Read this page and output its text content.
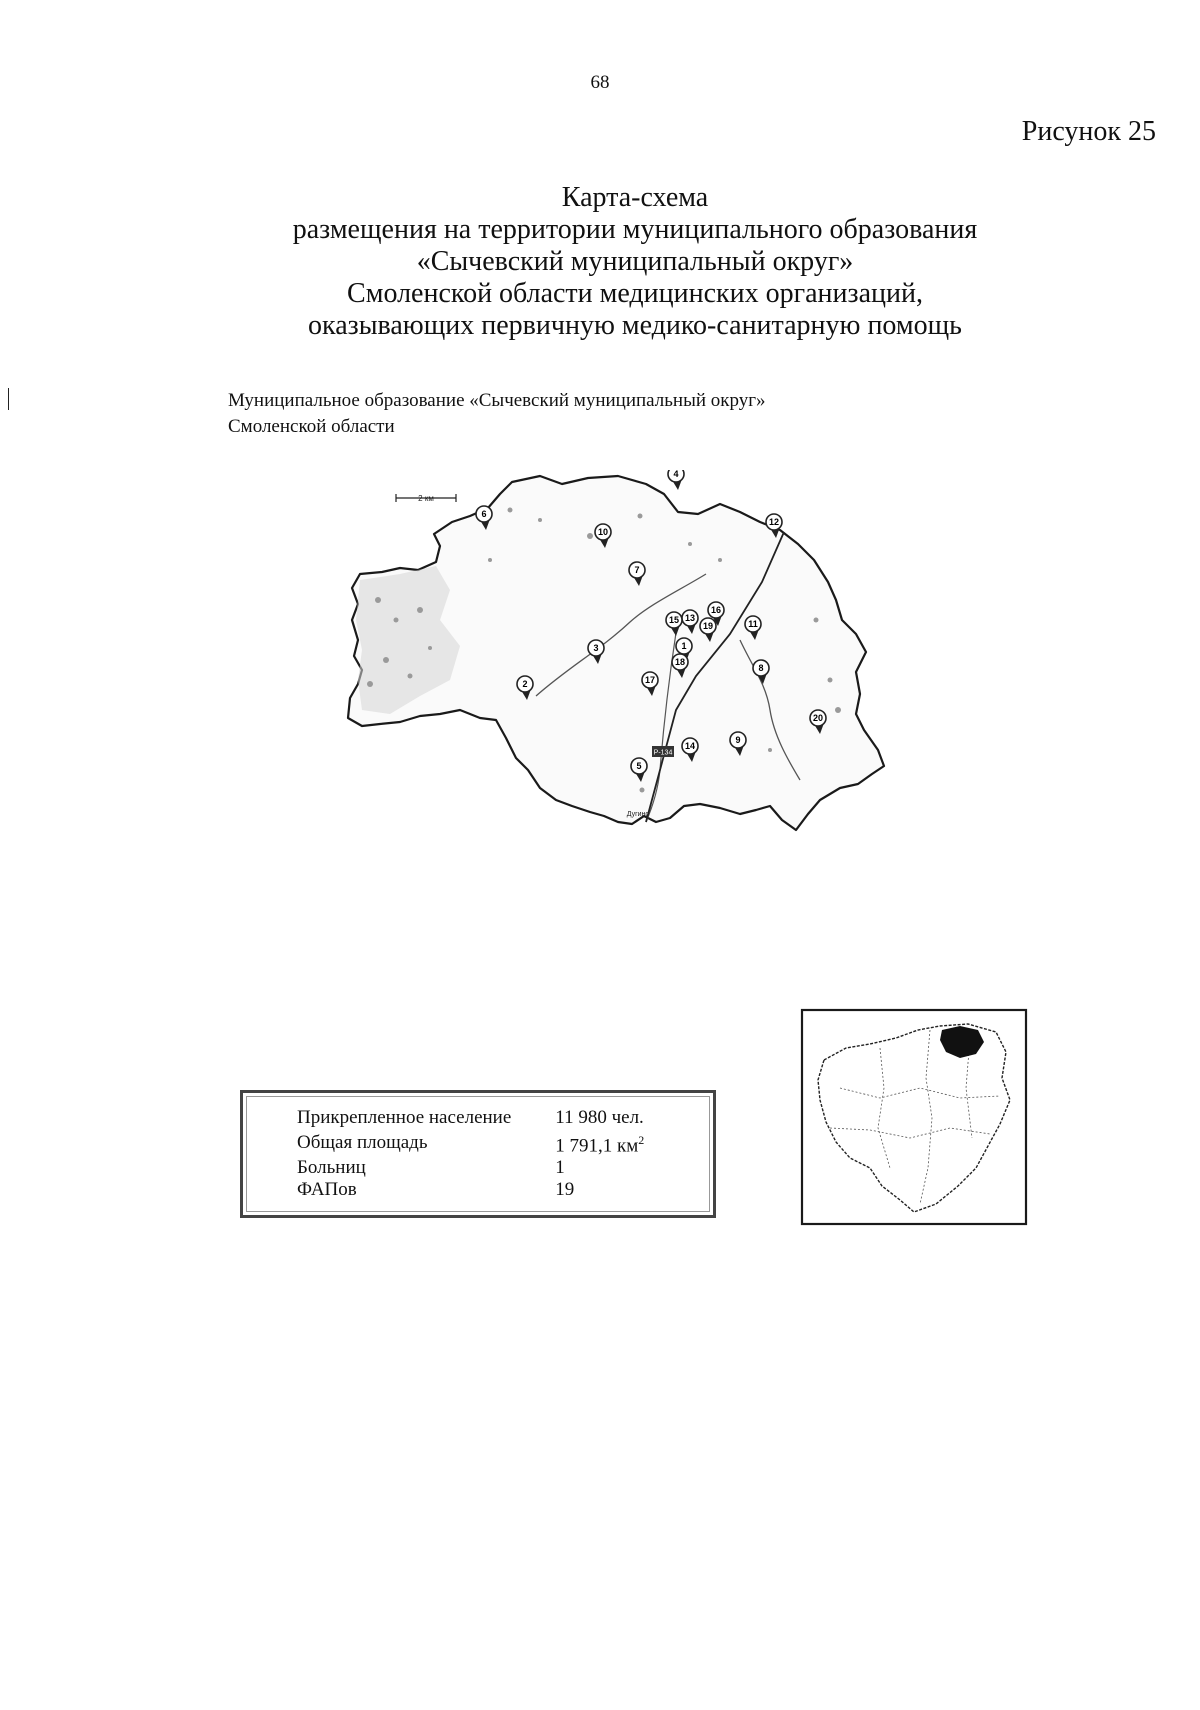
68
Рисунок 25
Карта-схема
размещения на территории муниципального образования
«Сычевский муниципальный округ»
Смоленской области медицинских организаций,
оказывающих первичную медико-санитарную помощь
Муниципальное образование «Сычевский муниципальный округ»
Смоленской области
2 км
Р-134
Дугино
1
2
3
4
5
6
7
8
9
10
11
12
13
14
15
16
17
18
19
20
Прикрепленное население	11 980 чел.
Общая площадь	1 791,1 $км^2$
Больниц	1
ФАПов	19
